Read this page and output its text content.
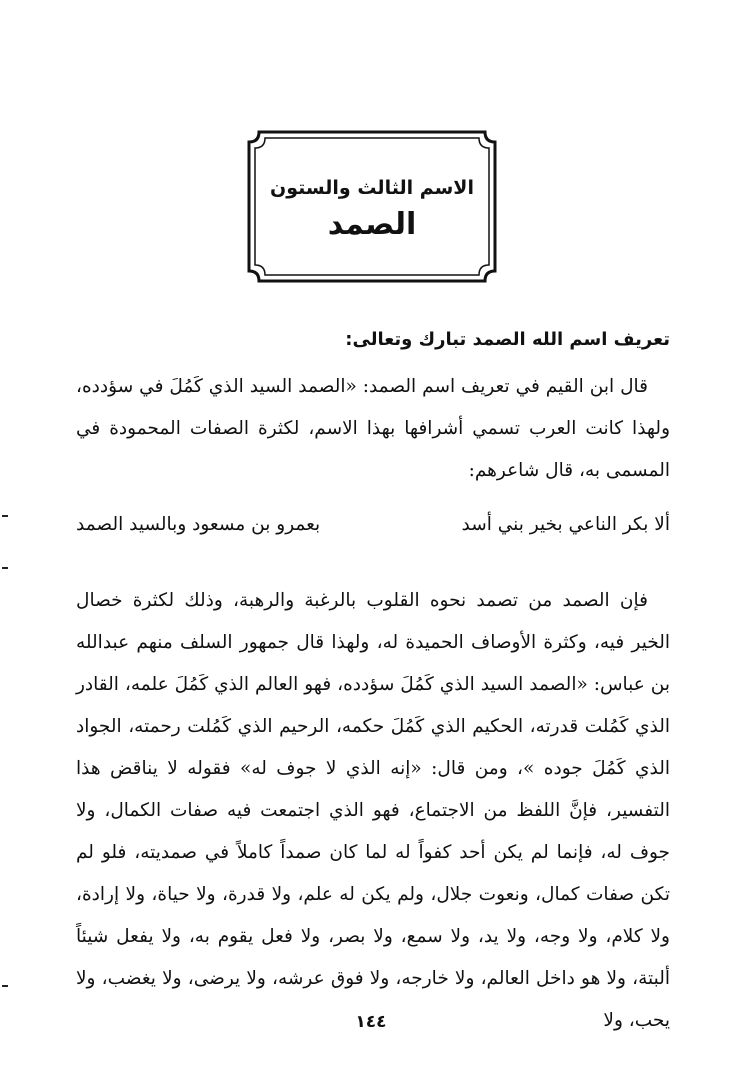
الاسم الثالث والستون
الصمد
تعريف اسم الله الصمد تبارك وتعالى:

قال ابن القيم في تعريف اسم الصمد: «الصمد السيد الذي كَمُلَ في سؤدده، ولهذا كانت العرب تسمي أشرافها بهذا الاسم، لكثرة الصفات المحمودة في المسمى به، قال شاعرهم:

ألا بكر الناعي بخير بني أسد
بعمرو بن مسعود وبالسيد الصمد

فإن الصمد من تصمد نحوه القلوب بالرغبة والرهبة، وذلك لكثرة خصال الخير فيه، وكثرة الأوصاف الحميدة له، ولهذا قال جمهور السلف منهم عبدالله بن عباس: «الصمد السيد الذي كَمُلَ سؤدده، فهو العالم الذي كَمُلَ علمه، القادر الذي كَمُلت قدرته، الحكيم الذي كَمُلَ حكمه، الرحيم الذي كَمُلت رحمته، الجواد الذي كَمُلَ جوده »، ومن قال: «إنه الذي لا جوف له» فقوله لا يناقض هذا التفسير، فإنَّ اللفظ من الاجتماع، فهو الذي اجتمعت فيه صفات الكمال، ولا جوف له، فإنما لم يكن أحد كفواً له لما كان صمداً كاملاً في صمديته، فلو لم تكن صفات كمال، ونعوت جلال، ولم يكن له علم، ولا قدرة، ولا حياة، ولا إرادة، ولا كلام، ولا وجه، ولا يد، ولا سمع، ولا بصر، ولا فعل يقوم به، ولا يفعل شيئاً ألبتة، ولا هو داخل العالم، ولا خارجه، ولا فوق عرشه، ولا يرضى، ولا يغضب، ولا يحب، ولا

١٤٤
